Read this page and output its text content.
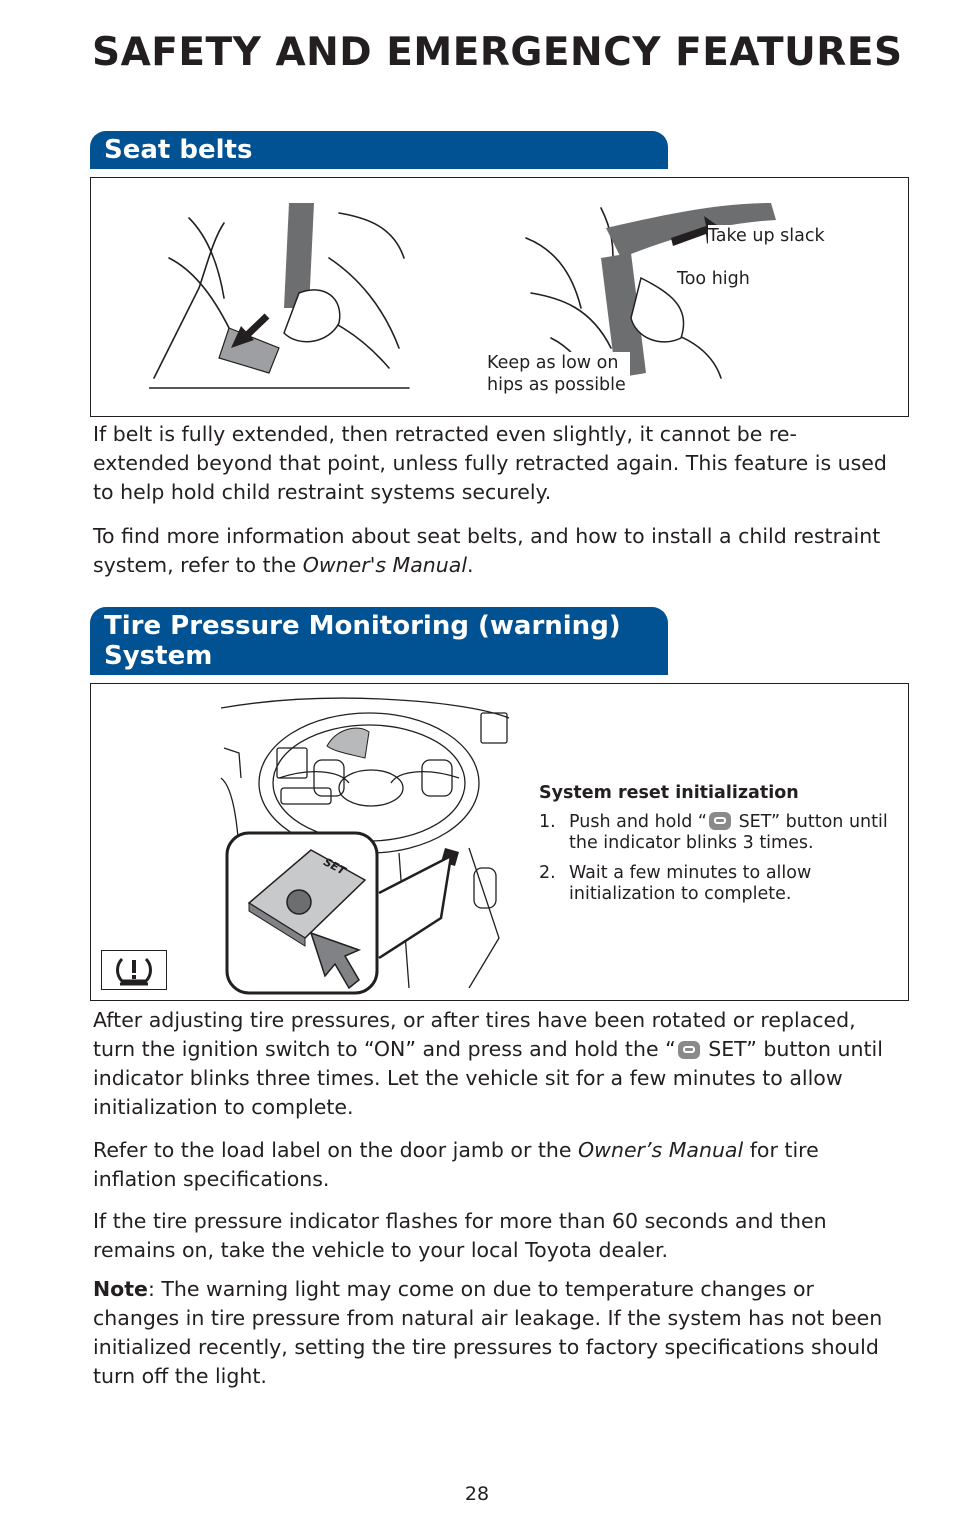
SAFETY AND EMERGENCY FEATURES
Seat belts
Take up slack
Too high
Keep as low on
hips as possible

If belt is fully extended, then retracted even slightly, it cannot be re-extended beyond that point, unless fully retracted again. This feature is used to help hold child restraint systems securely.

To find more information about seat belts, and how to install a child restraint system, refer to the Owner's Manual.

Tire Pressure Monitoring (warning)
System
SET
System reset initialization
1. Push and hold “ SET” button until the indicator blinks 3 times.
2. Wait a few minutes to allow initialization to complete.

After adjusting tire pressures, or after tires have been rotated or replaced, turn the ignition switch to “ON” and press and hold the “ SET” button until indicator blinks three times. Let the vehicle sit for a few minutes to allow initialization to complete.

Refer to the load label on the door jamb or the Owner’s Manual for tire inflation specifications.

If the tire pressure indicator flashes for more than 60 seconds and then remains on, take the vehicle to your local Toyota dealer.

Note: The warning light may come on due to temperature changes or changes in tire pressure from natural air leakage. If the system has not been initialized recently, setting the tire pressures to factory specifications should turn off the light.

28
